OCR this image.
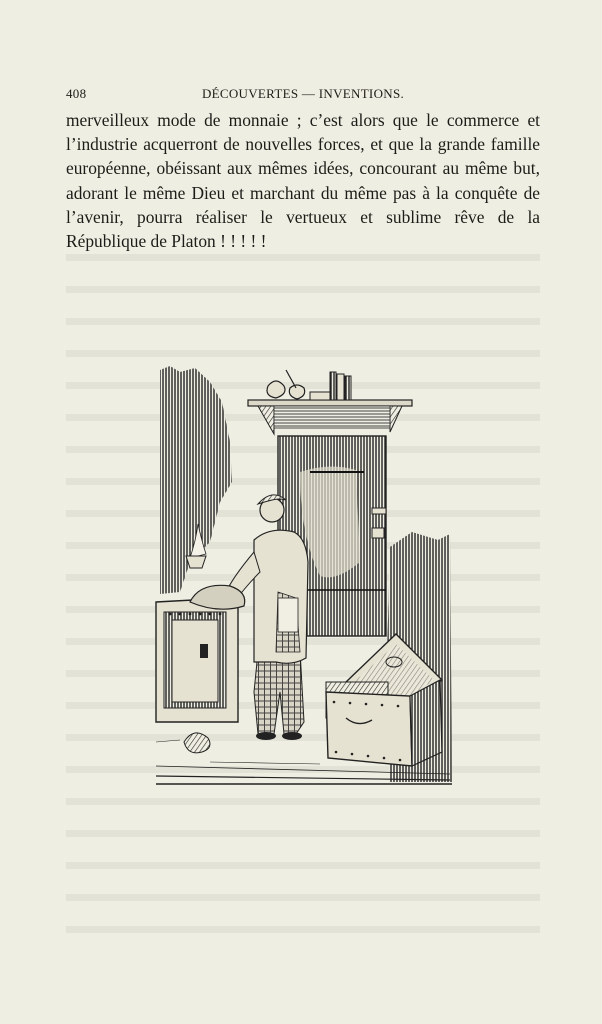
408	DÉCOUVERTES — INVENTIONS.

merveilleux mode de monnaie ; c’est alors que le commerce et l’industrie acquerront de nouvelles forces, et que la grande famille européenne, obéissant aux mêmes idées, concourant au même but, adorant le même Dieu et marchant du même pas à la conquête de l’avenir, pourra réaliser le vertueux et sublime rêve de la République de Platon ! ! ! ! !
